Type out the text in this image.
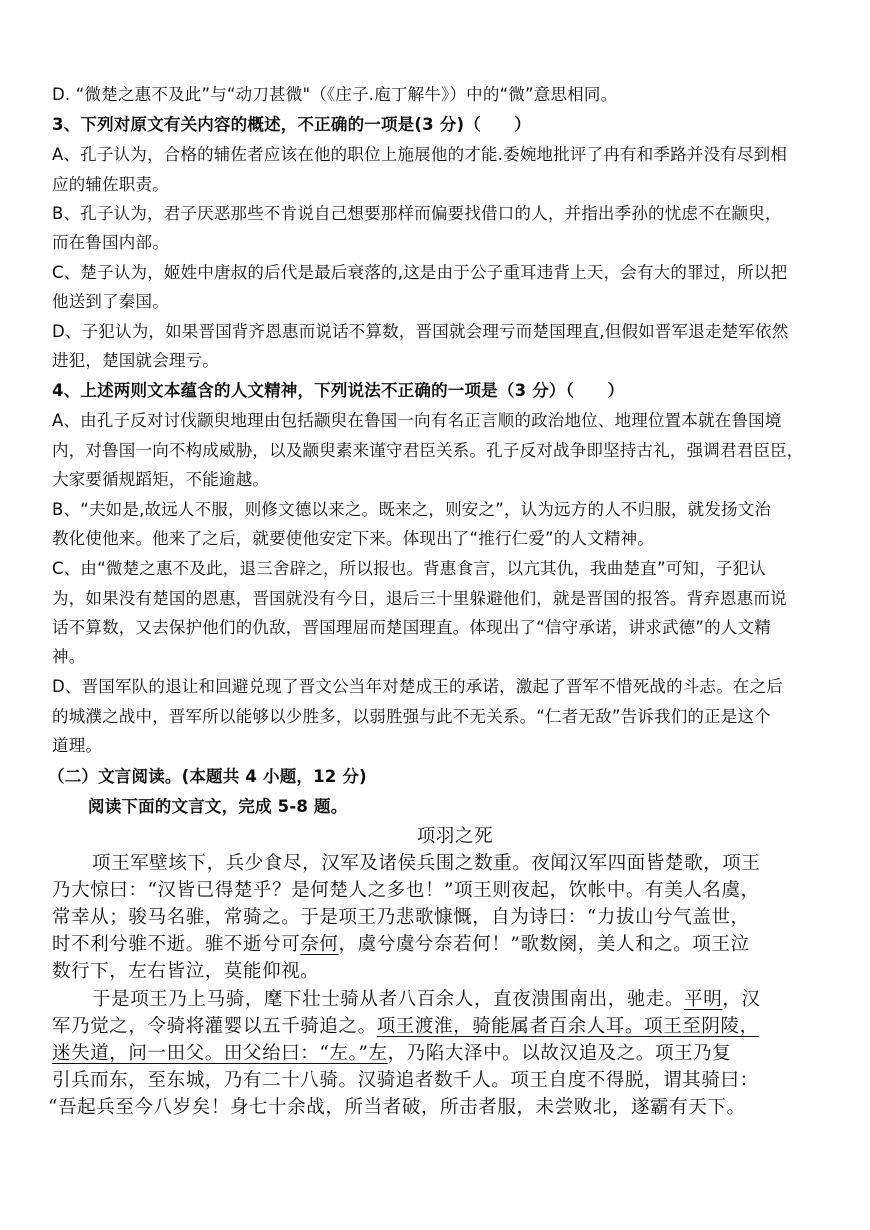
D. “微楚之惠不及此”与“动刀甚微"（《庄子.庖丁解牛》）中的“微”意思相同。
3、下列对原文有关内容的概述，不正确的一项是(3 分)（　　）
A、孔子认为，合格的辅佐者应该在他的职位上施展他的才能.委婉地批评了冉有和季路并没有尽到相
应的辅佐职责。
B、孔子认为，君子厌恶那些不肯说自己想要那样而偏要找借口的人，并指出季孙的忧虑不在颛臾，
而在鲁国内部。
C、楚子认为，姬姓中唐叔的后代是最后衰落的,这是由于公子重耳违背上天，会有大的罪过，所以把
他送到了秦国。
D、子犯认为，如果晋国背齐恩惠而说话不算数，晋国就会理亏而楚国理直,但假如晋军退走楚军依然
进犯，楚国就会理亏。
4、上述两则文本蕴含的人文精神，下列说法不正确的一项是（3 分）（　　）
A、由孔子反对讨伐颛臾地理由包括颛臾在鲁国一向有名正言顺的政治地位、地理位置本就在鲁国境
内，对鲁国一向不构成威胁，以及颛臾素来谨守君臣关系。孔子反对战争即坚持古礼，强调君君臣臣，
大家要循规蹈矩，不能逾越。
B、“夫如是,故远人不服，则修文德以来之。既来之，则安之”，认为远方的人不归服，就发扬文治
教化使他来。他来了之后，就要使他安定下来。体现出了“推行仁爱”的人文精神。
C、由“微楚之惠不及此，退三舍辟之，所以报也。背惠食言，以亢其仇，我曲楚直”可知，子犯认
为，如果没有楚国的恩惠，晋国就没有今日，退后三十里躲避他们，就是晋国的报答。背弃恩惠而说
话不算数，又去保护他们的仇敌，晋国理屈而楚国理直。体现出了“信守承诺，讲求武德”的人文精
神。
D、晋国军队的退让和回避兑现了晋文公当年对楚成王的承诺，激起了晋军不惜死战的斗志。在之后
的城濮之战中，晋军所以能够以少胜多，以弱胜强与此不无关系。“仁者无敌”告诉我们的正是这个
道理。
（二）文言阅读。(本题共 4 小题，12 分)
阅读下面的文言文，完成 5-8 题。
项羽之死
项王军壁垓下，兵少食尽，汉军及诸侯兵围之数重。夜闻汉军四面皆楚歌，项王
乃大惊曰：“汉皆已得楚乎？是何楚人之多也！”项王则夜起，饮帐中。有美人名虞，
常幸从；骏马名骓，常骑之。于是项王乃悲歌慷慨，自为诗曰：“力拔山兮气盖世，
时不利兮骓不逝。骓不逝兮可奈何，虞兮虞兮奈若何！”歌数阕，美人和之。项王泣
数行下，左右皆泣，莫能仰视。
于是项王乃上马骑，麾下壮士骑从者八百余人，直夜溃围南出，驰走。平明，汉
军乃觉之，令骑将灌婴以五千骑追之。项王渡淮，骑能属者百余人耳。项王至阴陵，
迷失道，问一田父。田父绐曰：“左。”左，乃陷大泽中。以故汉追及之。项王乃复
引兵而东，至东城，乃有二十八骑。汉骑追者数千人。项王自度不得脱，谓其骑曰：
“吾起兵至今八岁矣！身七十余战，所当者破，所击者服，未尝败北，遂霸有天下。
